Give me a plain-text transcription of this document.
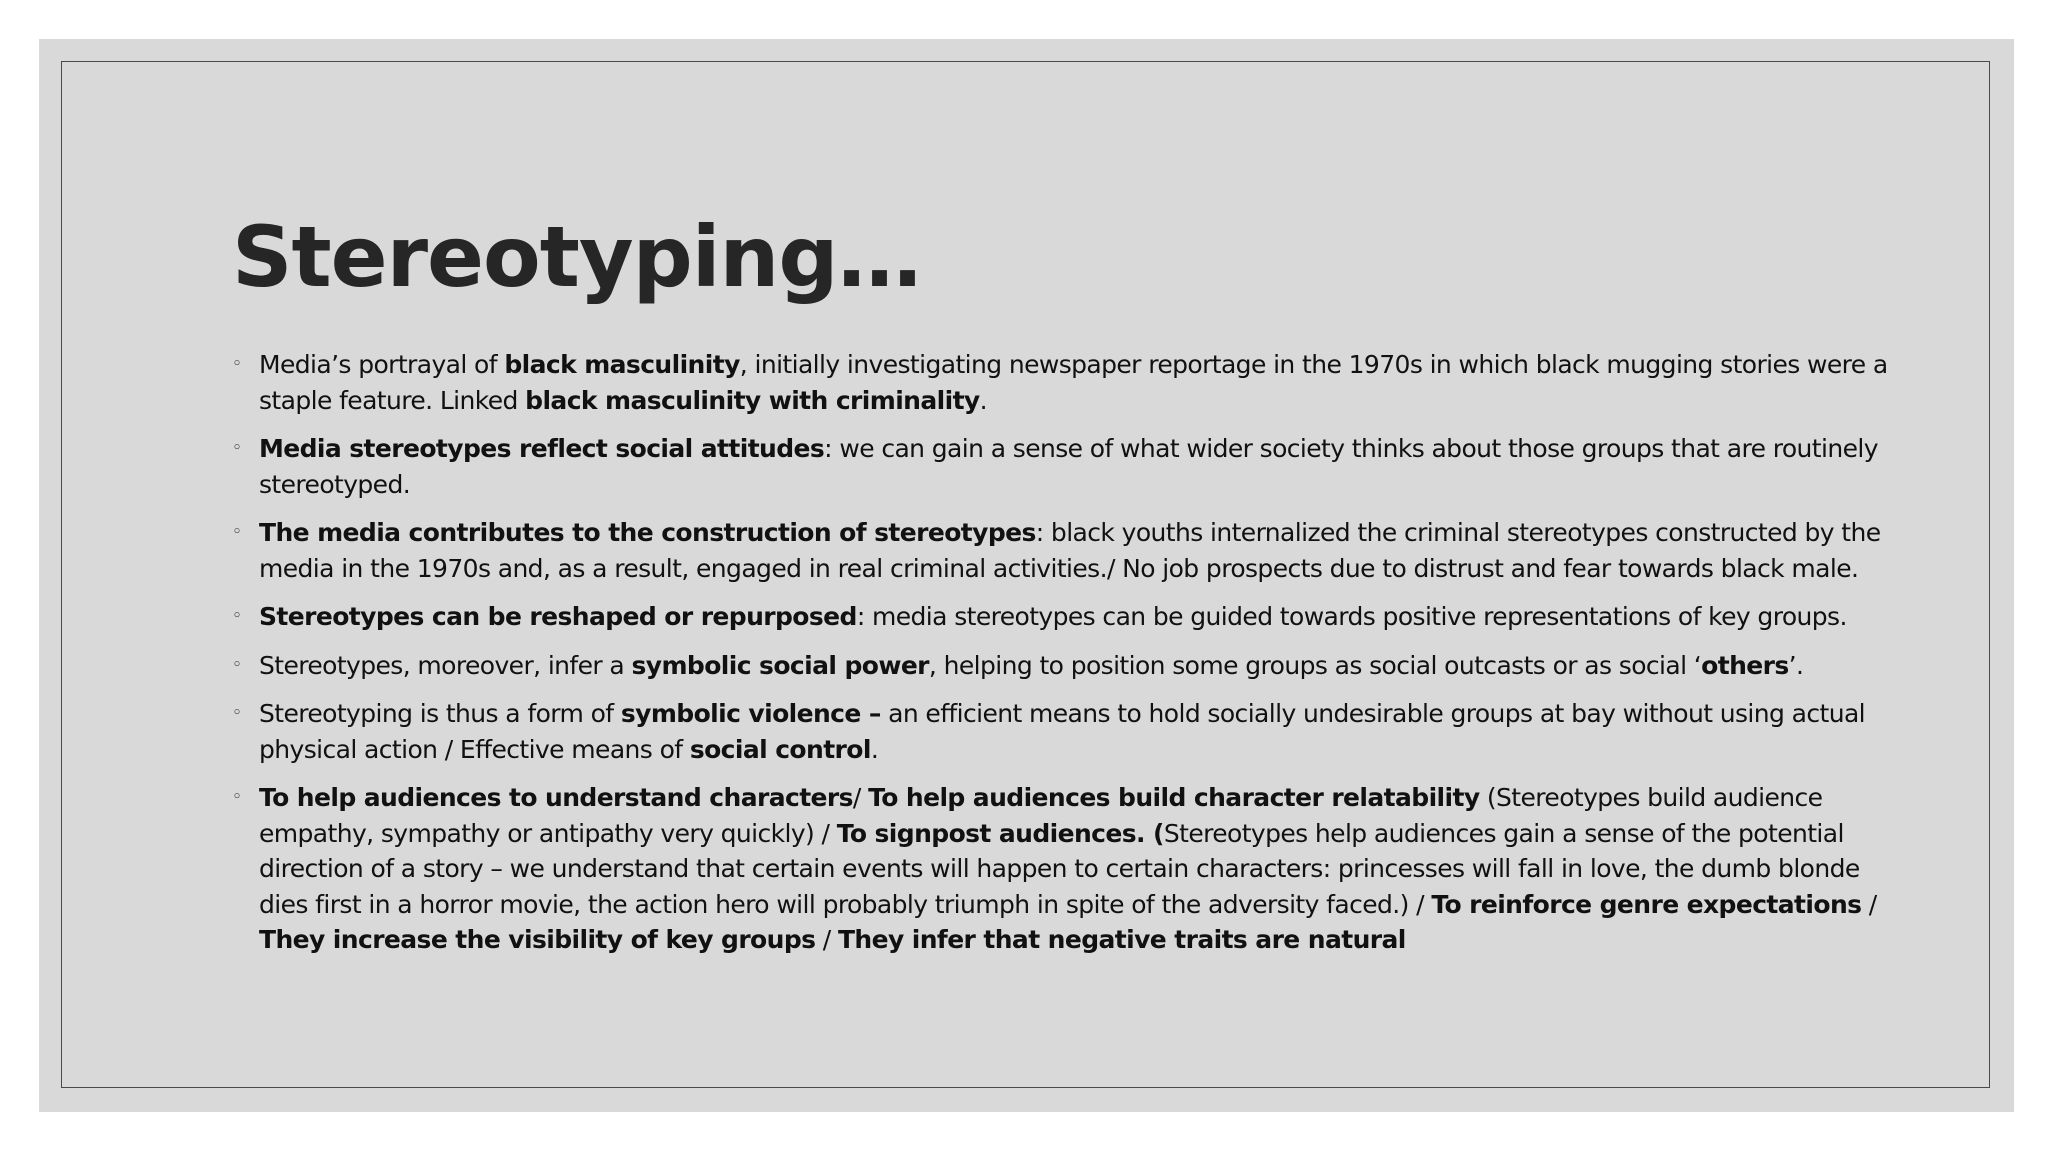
Stereotyping…
◦ Media’s portrayal of black masculinity, initially investigating newspaper reportage in the 1970s in which black mugging stories were a staple feature. Linked black masculinity with criminality.
◦ Media stereotypes reflect social attitudes: we can gain a sense of what wider society thinks about those groups that are routinely stereotyped.
◦ The media contributes to the construction of stereotypes: black youths internalized the criminal stereotypes constructed by the media in the 1970s and, as a result, engaged in real criminal activities./ No job prospects due to distrust and fear towards black male.
◦ Stereotypes can be reshaped or repurposed: media stereotypes can be guided towards positive representations of key groups.
◦ Stereotypes, moreover, infer a symbolic social power, helping to position some groups as social outcasts or as social ‘others’.
◦ Stereotyping is thus a form of symbolic violence – an efficient means to hold socially undesirable groups at bay without using actual physical action / Effective means of social control.
◦ To help audiences to understand characters/ To help audiences build character relatability (Stereotypes build audience empathy, sympathy or antipathy very quickly) / To signpost audiences. (Stereotypes help audiences gain a sense of the potential direction of a story – we understand that certain events will happen to certain characters: princesses will fall in love, the dumb blonde dies first in a horror movie, the action hero will probably triumph in spite of the adversity faced.) / To reinforce genre expectations / They increase the visibility of key groups / They infer that negative traits are natural
